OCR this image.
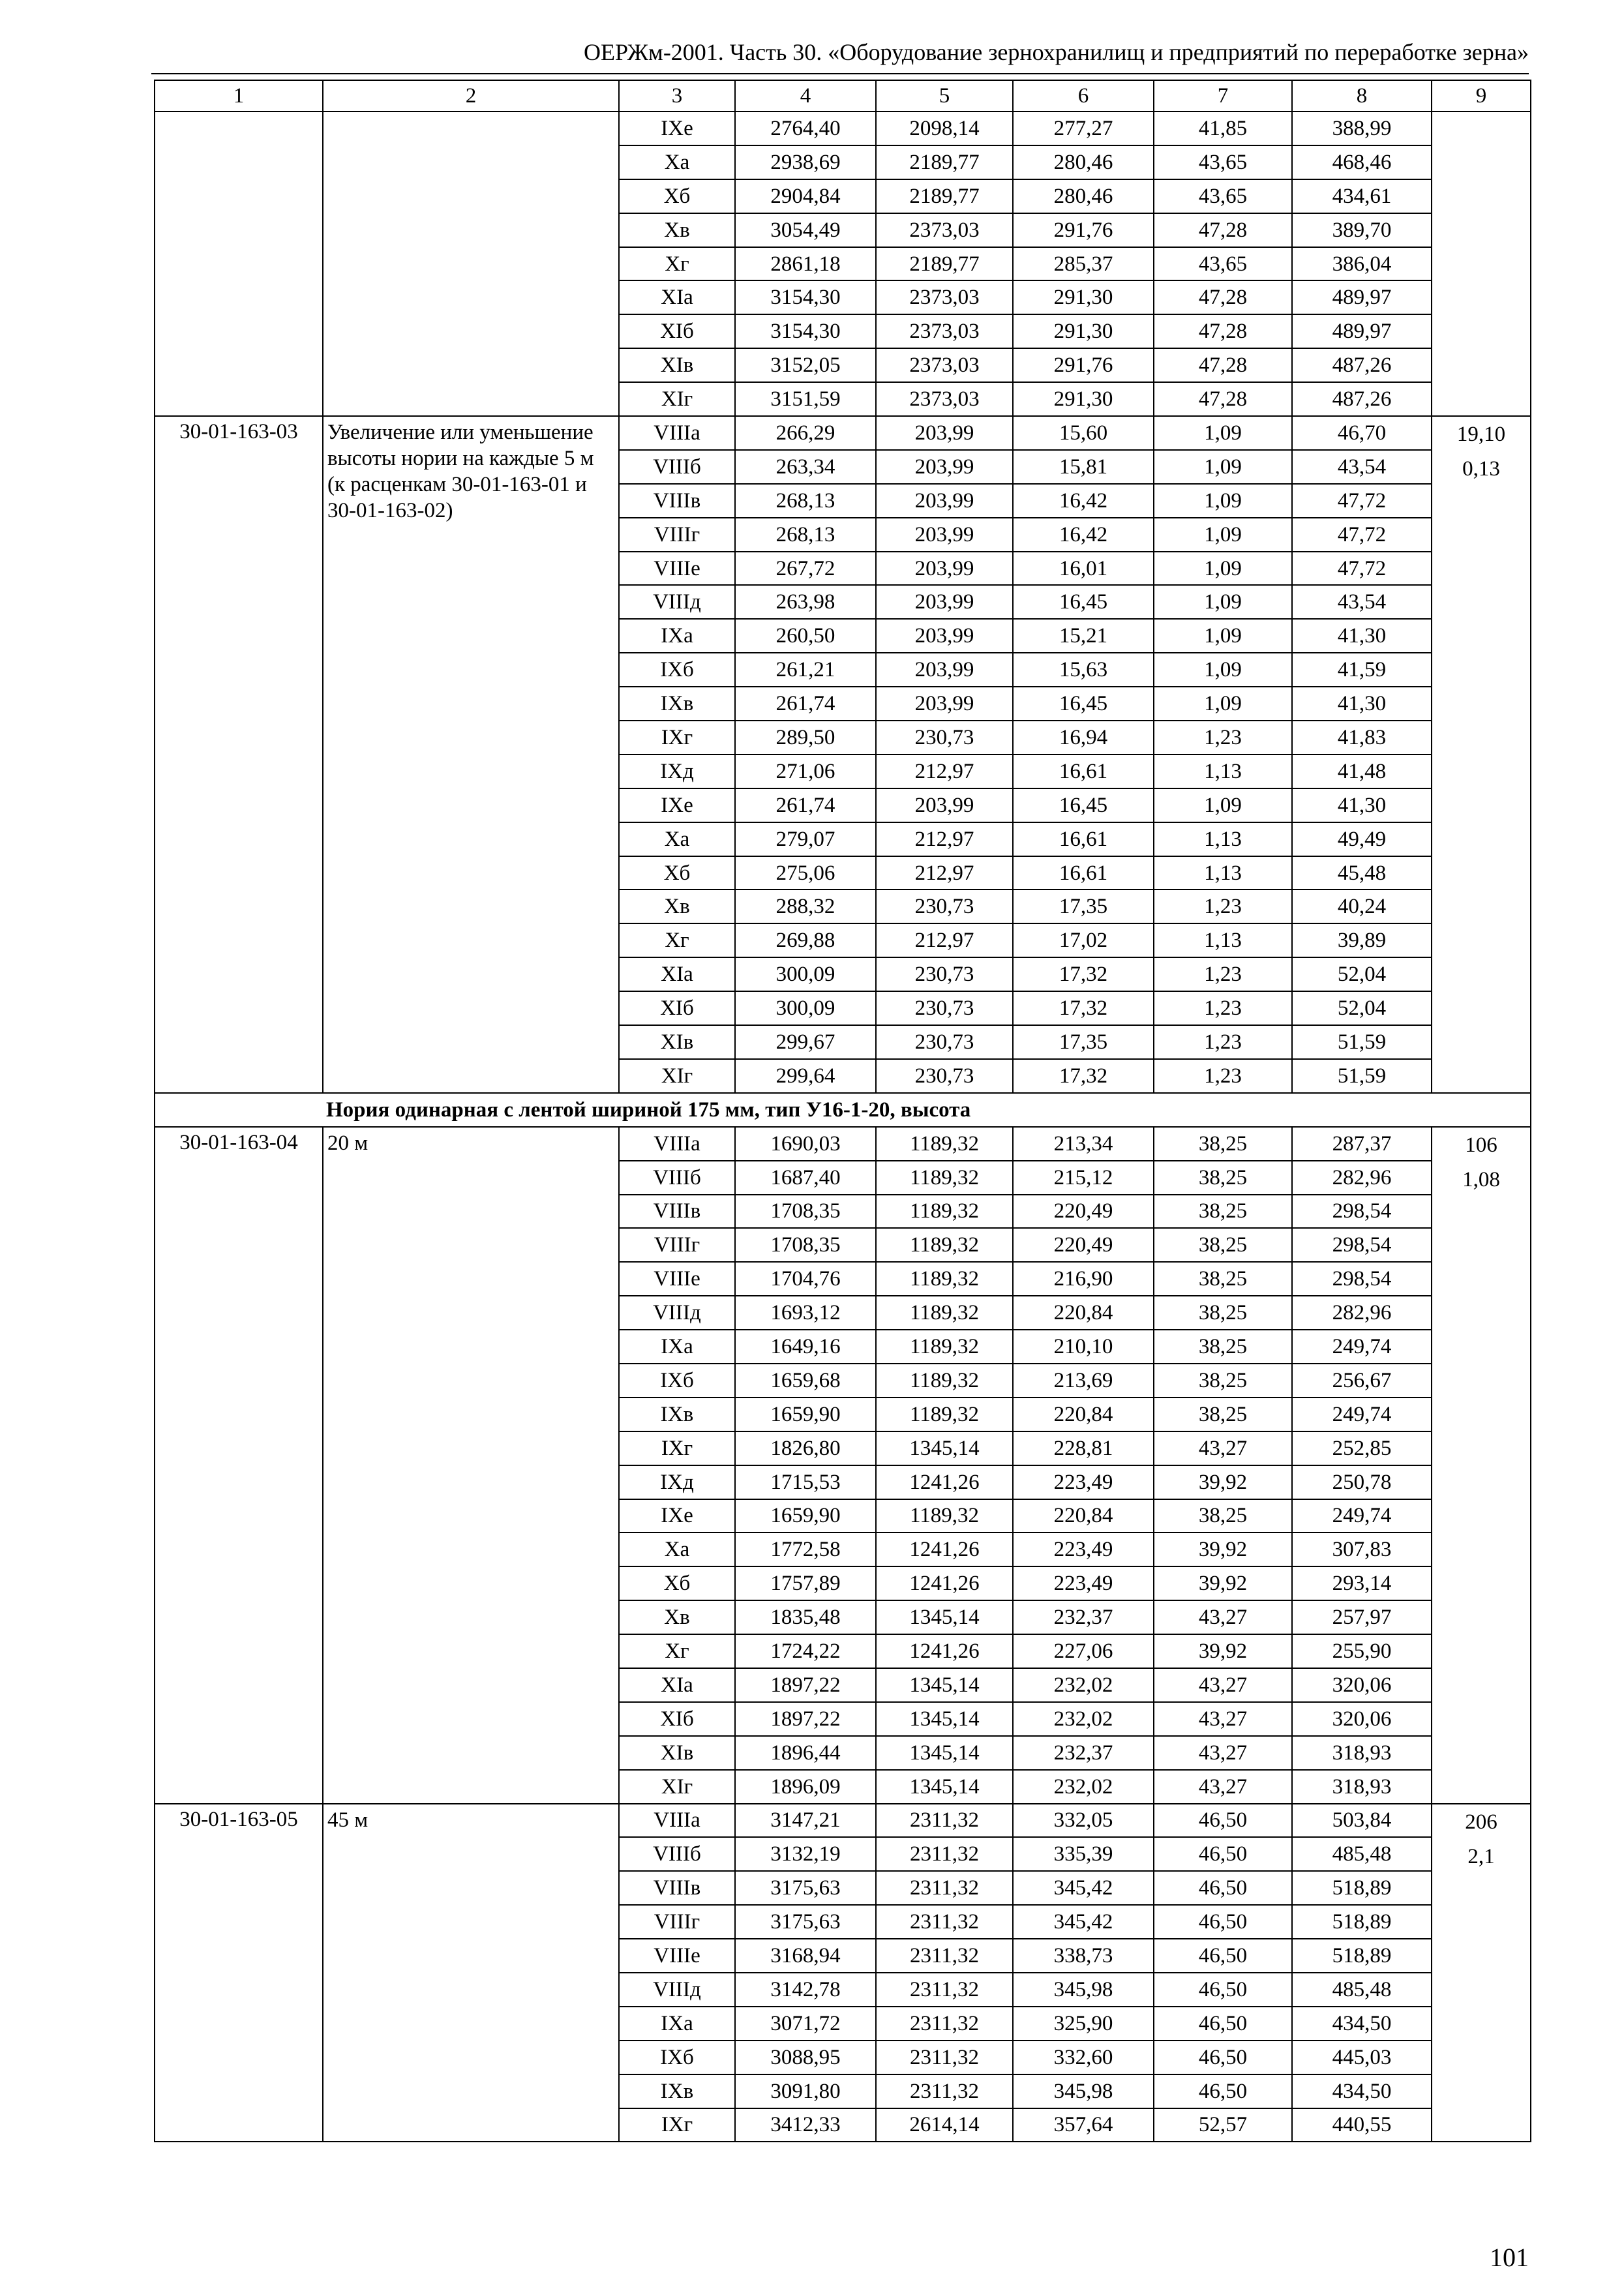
ОЕРЖм-2001. Часть 30. «Оборудование зернохранилищ и предприятий по переработке зерна»
1	2	3	4	5	6	7	8	9
		IXе	2764,40	2098,14	277,27	41,85	388,99	
		Xа	2938,69	2189,77	280,46	43,65	468,46	
		Xб	2904,84	2189,77	280,46	43,65	434,61	
		Xв	3054,49	2373,03	291,76	47,28	389,70	
		Xг	2861,18	2189,77	285,37	43,65	386,04	
		XIа	3154,30	2373,03	291,30	47,28	489,97	
		XIб	3154,30	2373,03	291,30	47,28	489,97	
		XIв	3152,05	2373,03	291,76	47,28	487,26	
		XIг	3151,59	2373,03	291,30	47,28	487,26	
30-01-163-03	Увеличение или уменьшение высоты нории на каждые 5 м (к расценкам 30-01-163-01 и 30-01-163-02)	VIIIа	266,29	203,99	15,60	1,09	46,70	19,10
0,13

		VIIIб	263,34	203,99	15,81	1,09	43,54	
		VIIIв	268,13	203,99	16,42	1,09	47,72	
		VIIIг	268,13	203,99	16,42	1,09	47,72	
		VIIIе	267,72	203,99	16,01	1,09	47,72	
		VIIIд	263,98	203,99	16,45	1,09	43,54	
		IXа	260,50	203,99	15,21	1,09	41,30	
		IXб	261,21	203,99	15,63	1,09	41,59	
		IXв	261,74	203,99	16,45	1,09	41,30	
		IXг	289,50	230,73	16,94	1,23	41,83	
		IXд	271,06	212,97	16,61	1,13	41,48	
		IXе	261,74	203,99	16,45	1,09	41,30	
		Xа	279,07	212,97	16,61	1,13	49,49	
		Xб	275,06	212,97	16,61	1,13	45,48	
		Xв	288,32	230,73	17,35	1,23	40,24	
		Xг	269,88	212,97	17,02	1,13	39,89	
		XIа	300,09	230,73	17,32	1,23	52,04	
		XIб	300,09	230,73	17,32	1,23	52,04	
		XIв	299,67	230,73	17,35	1,23	51,59	
		XIг	299,64	230,73	17,32	1,23	51,59	
Нория одинарная с лентой шириной 175 мм, тип У16-1-20, высота								
30-01-163-04	20 м	VIIIа	1690,03	1189,32	213,34	38,25	287,37	106
1,08

		VIIIб	1687,40	1189,32	215,12	38,25	282,96	
		VIIIв	1708,35	1189,32	220,49	38,25	298,54	
		VIIIг	1708,35	1189,32	220,49	38,25	298,54	
		VIIIе	1704,76	1189,32	216,90	38,25	298,54	
		VIIIд	1693,12	1189,32	220,84	38,25	282,96	
		IXа	1649,16	1189,32	210,10	38,25	249,74	
		IXб	1659,68	1189,32	213,69	38,25	256,67	
		IXв	1659,90	1189,32	220,84	38,25	249,74	
		IXг	1826,80	1345,14	228,81	43,27	252,85	
		IXд	1715,53	1241,26	223,49	39,92	250,78	
		IXе	1659,90	1189,32	220,84	38,25	249,74	
		Xа	1772,58	1241,26	223,49	39,92	307,83	
		Xб	1757,89	1241,26	223,49	39,92	293,14	
		Xв	1835,48	1345,14	232,37	43,27	257,97	
		Xг	1724,22	1241,26	227,06	39,92	255,90	
		XIа	1897,22	1345,14	232,02	43,27	320,06	
		XIб	1897,22	1345,14	232,02	43,27	320,06	
		XIв	1896,44	1345,14	232,37	43,27	318,93	
		XIг	1896,09	1345,14	232,02	43,27	318,93	
30-01-163-05	45 м	VIIIа	3147,21	2311,32	332,05	46,50	503,84	206
2,1

		VIIIб	3132,19	2311,32	335,39	46,50	485,48	
		VIIIв	3175,63	2311,32	345,42	46,50	518,89	
		VIIIг	3175,63	2311,32	345,42	46,50	518,89	
		VIIIе	3168,94	2311,32	338,73	46,50	518,89	
		VIIIд	3142,78	2311,32	345,98	46,50	485,48	
		IXа	3071,72	2311,32	325,90	46,50	434,50	
		IXб	3088,95	2311,32	332,60	46,50	445,03	
		IXв	3091,80	2311,32	345,98	46,50	434,50	
		IXг	3412,33	2614,14	357,64	52,57	440,55	
101
